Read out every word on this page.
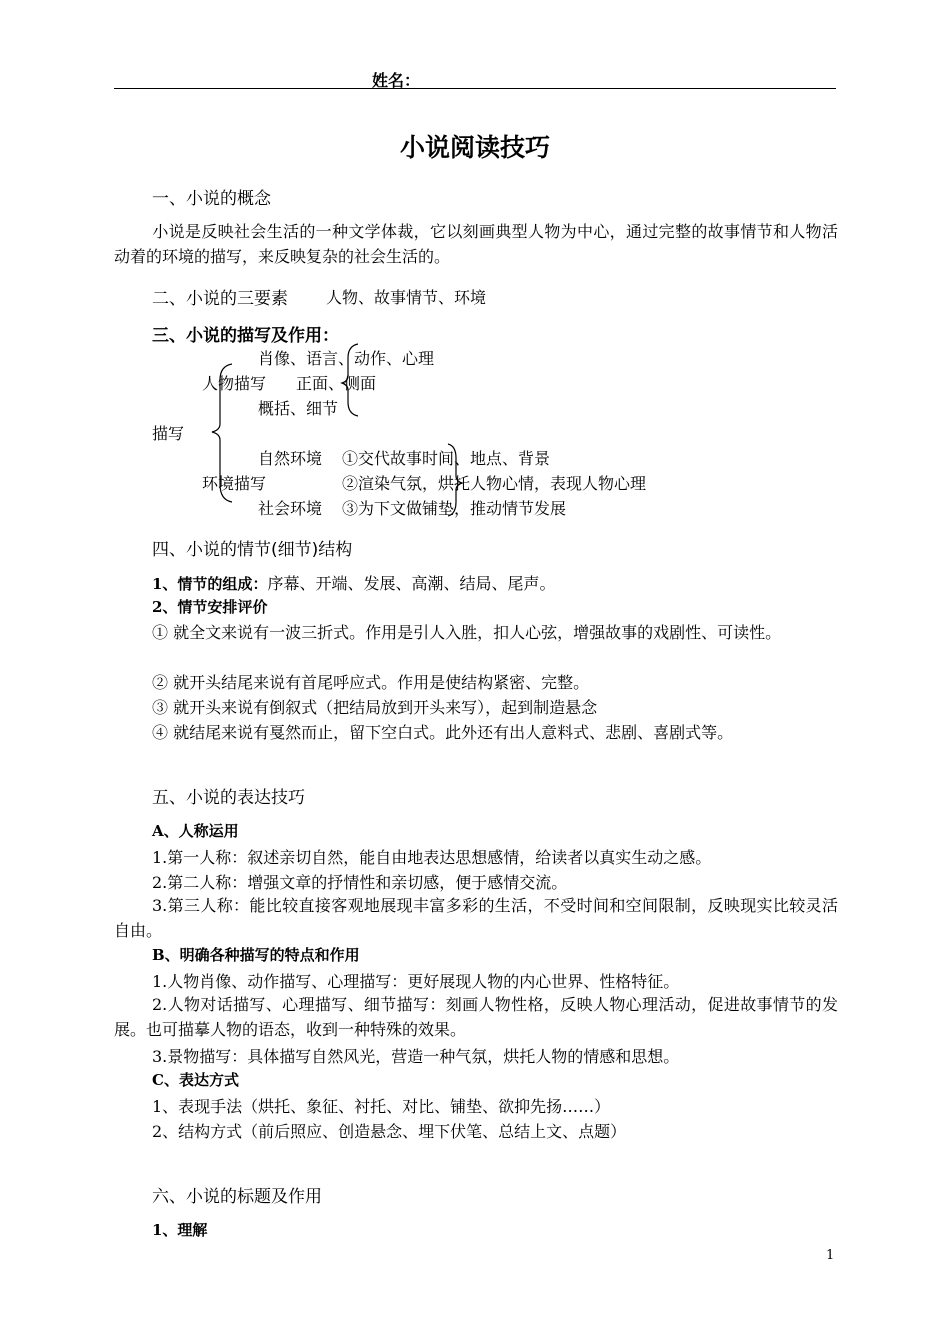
姓名：
小说阅读技巧
一、小说的概念
小说是反映社会生活的一种文学体裁，它以刻画典型人物为中心，通过完整的故事情节和人物活动着的环境的描写，来反映复杂的社会生活的。
二、小说的三要素 人物、故事情节、环境
三、小说的描写及作用：
肖像、语言、动作、心理
人物描写 正面、侧面
概括、细节
描写
自然环境 ①交代故事时间、地点、背景
环境描写	②渲染气氛，烘托人物心情，表现人物心理
社会环境 ③为下文做铺垫，推动情节发展
四、小说的情节(细节)结构
1、情节的组成：序幕、开端、发展、高潮、结局、尾声。
2、情节安排评价
① 就全文来说有一波三折式。作用是引人入胜，扣人心弦，增强故事的戏剧性、可读性。
② 就开头结尾来说有首尾呼应式。作用是使结构紧密、完整。
③ 就开头来说有倒叙式（把结局放到开头来写），起到制造悬念
④ 就结尾来说有戛然而止，留下空白式。此外还有出人意料式、悲剧、喜剧式等。
五、小说的表达技巧
A、人称运用
1.第一人称：叙述亲切自然，能自由地表达思想感情，给读者以真实生动之感。
2.第二人称：增强文章的抒情性和亲切感，便于感情交流。
3.第三人称：能比较直接客观地展现丰富多彩的生活，不受时间和空间限制，反映现实比较灵活自由。
B、明确各种描写的特点和作用
1.人物肖像、动作描写、心理描写：更好展现人物的内心世界、性格特征。
2.人物对话描写、心理描写、细节描写：刻画人物性格，反映人物心理活动，促进故事情节的发展。也可描摹人物的语态，收到一种特殊的效果。
3.景物描写：具体描写自然风光，营造一种气氛，烘托人物的情感和思想。
C、表达方式
1、表现手法（烘托、象征、衬托、对比、铺垫、欲抑先扬……）
2、结构方式（前后照应、创造悬念、埋下伏笔、总结上文、点题）
六、小说的标题及作用
1、理解
1
